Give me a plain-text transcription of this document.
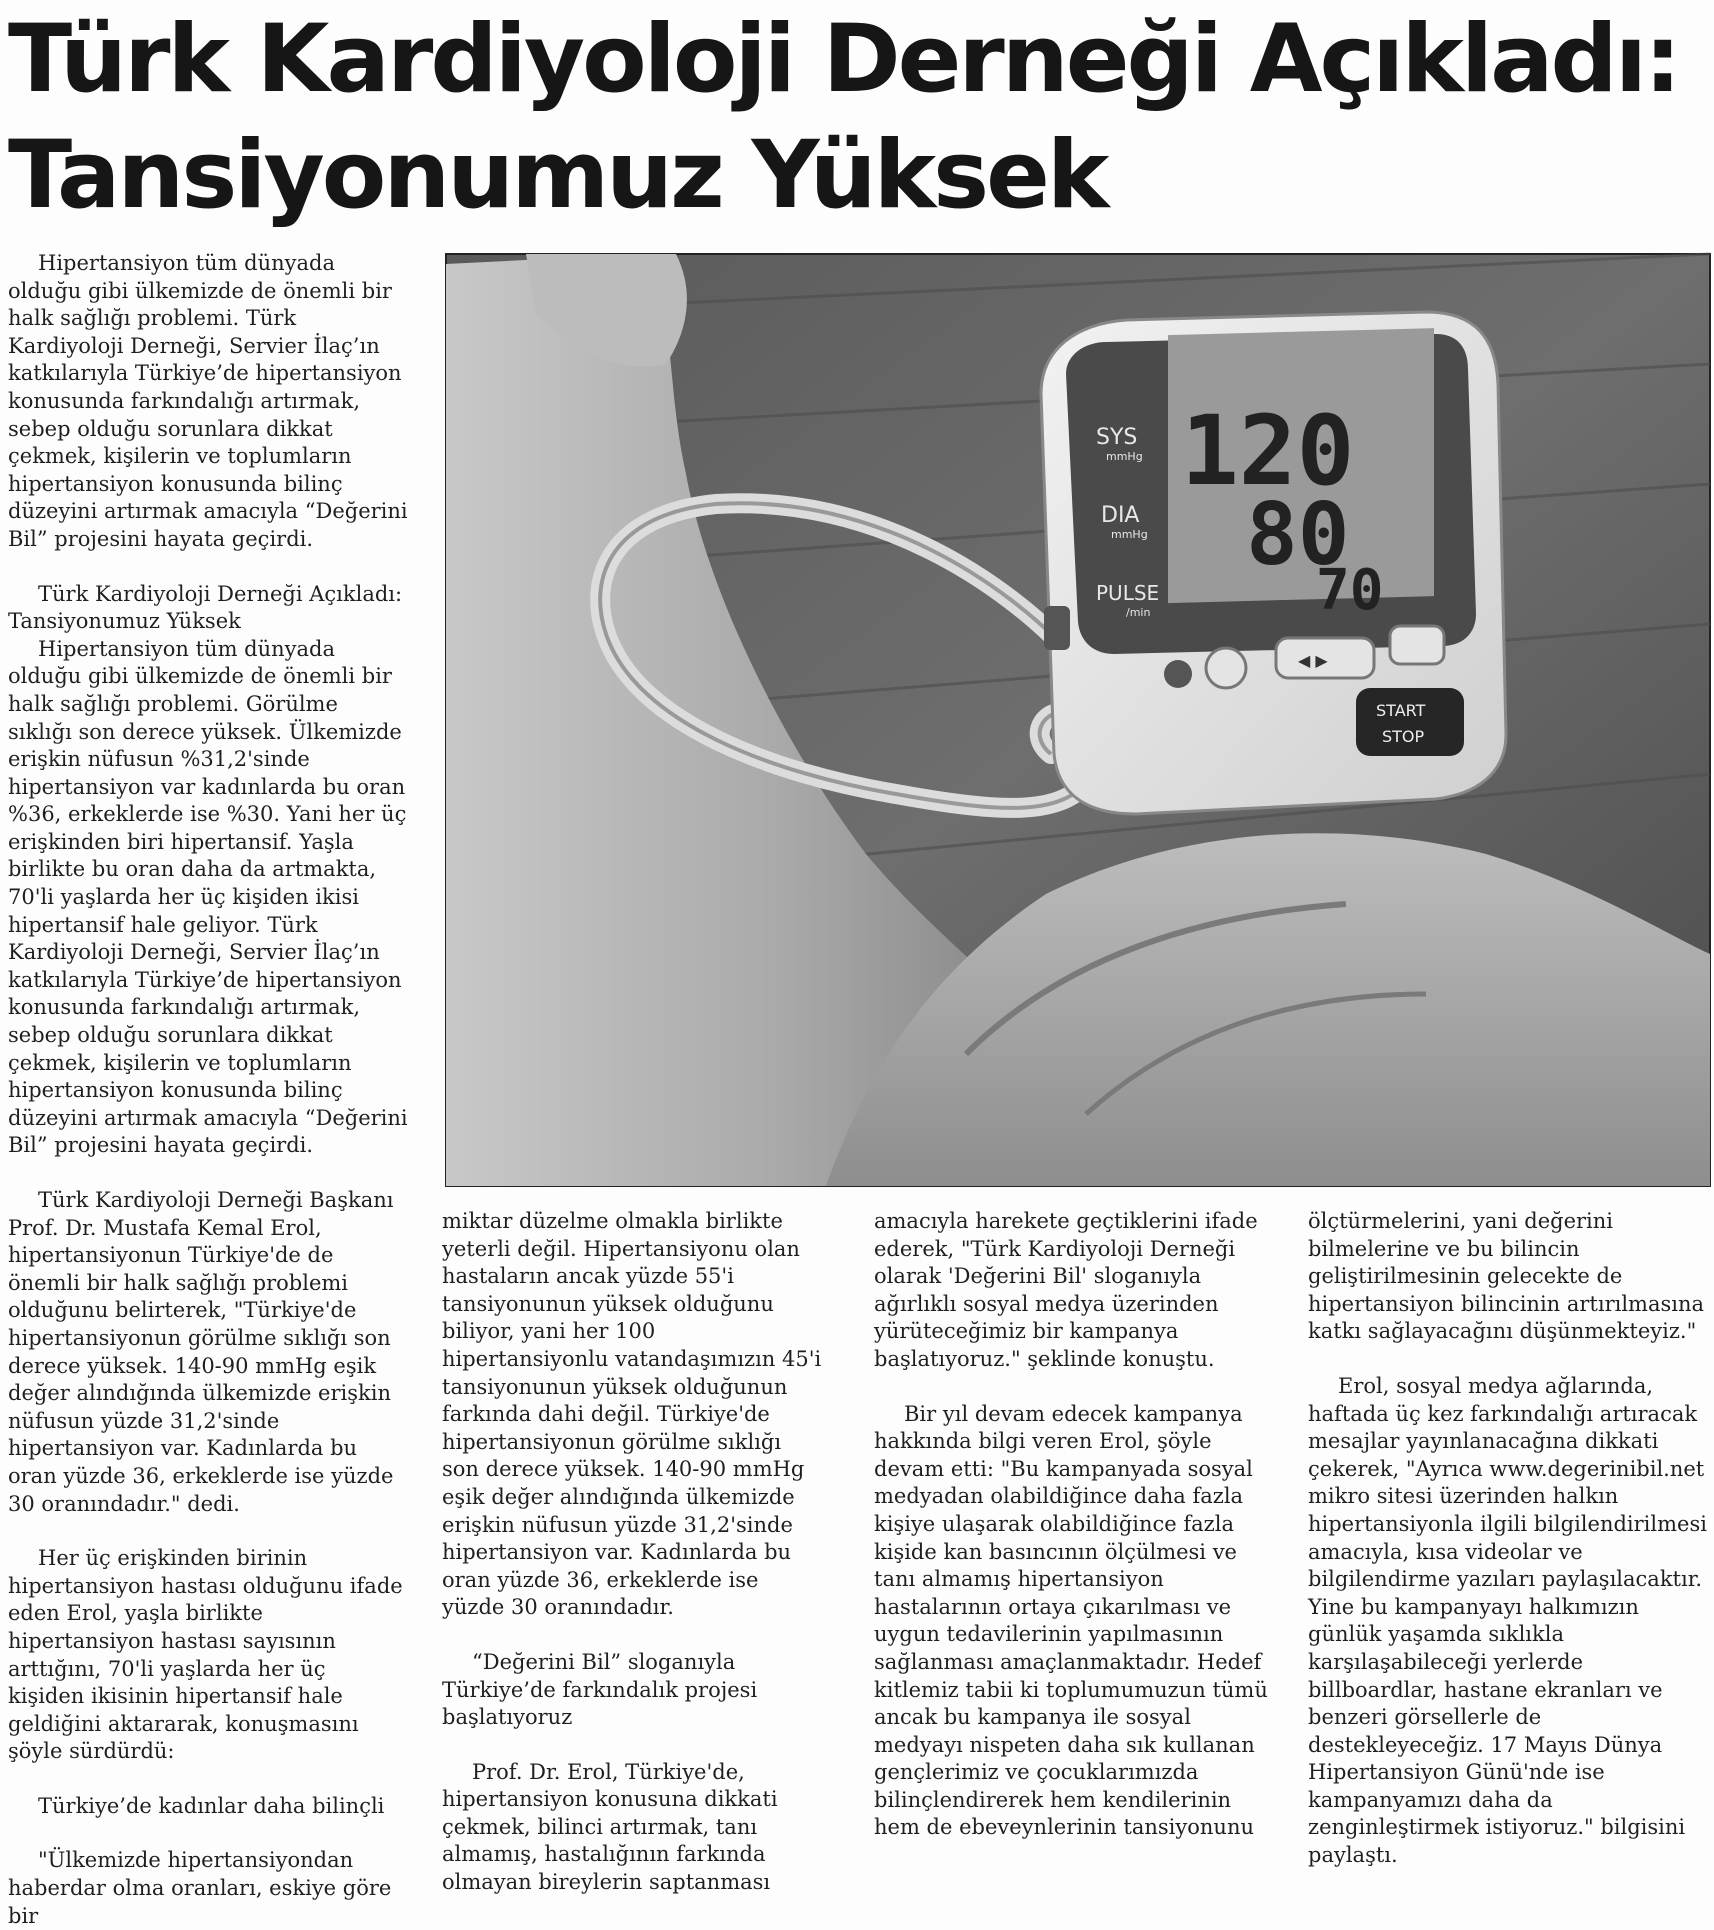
Türk Kardiyoloji Derneği Açıkladı:
Tansiyonumuz Yüksek

Hipertansiyon tüm dünyada olduğu gibi ülkemizde de önemli bir halk sağlığı problemi. Türk Kardiyoloji Derneği, Servier İlaç’ın katkılarıyla Türkiye’de hipertansiyon konusunda farkındalığı artırmak, sebep olduğu sorunlara dikkat çekmek, kişilerin ve toplumların hipertansiyon konusunda bilinç düzeyini artırmak amacıyla “Değerini Bil” projesini hayata geçirdi.

Türk Kardiyoloji Derneği Açıkladı: Tansiyonumuz Yüksek

Hipertansiyon tüm dünyada olduğu gibi ülkemizde de önemli bir halk sağlığı problemi. Görülme sıklığı son derece yüksek. Ülkemizde erişkin nüfusun %31,2'sinde hipertansiyon var kadınlarda bu oran %36, erkeklerde ise %30. Yani her üç erişkinden biri hipertansif. Yaşla birlikte bu oran daha da artmakta, 70'li yaşlarda her üç kişiden ikisi hipertansif hale geliyor. Türk Kardiyoloji Derneği, Servier İlaç’ın katkılarıyla Türkiye’de hipertansiyon konusunda farkındalığı artırmak, sebep olduğu sorunlara dikkat çekmek, kişilerin ve toplumların hipertansiyon konusunda bilinç düzeyini artırmak amacıyla “Değerini Bil” projesini hayata geçirdi.

Türk Kardiyoloji Derneği Başkanı Prof. Dr. Mustafa Kemal Erol, hipertansiyonun Türkiye'de de önemli bir halk sağlığı problemi olduğunu belirterek, "Türkiye'de hipertansiyonun görülme sıklığı son derece yüksek. 140-90 mmHg eşik değer alındığında ülkemizde erişkin nüfusun yüzde 31,2'sinde hipertansiyon var. Kadınlarda bu oran yüzde 36, erkeklerde ise yüzde 30 oranındadır." dedi.

Her üç erişkinden birinin hipertansiyon hastası olduğunu ifade eden Erol, yaşla birlikte hipertansiyon hastası sayısının arttığını, 70'li yaşlarda her üç kişiden ikisinin hipertansif hale geldiğini aktararak, konuşmasını şöyle sürdürdü:

Türkiye’de kadınlar daha bilinçli

"Ülkemizde hipertansiyondan haberdar olma oranları, eskiye göre bir

miktar düzelme olmakla birlikte yeterli değil. Hipertansiyonu olan hastaların ancak yüzde 55'i tansiyonunun yüksek olduğunu biliyor, yani her 100 hipertansiyonlu vatandaşımızın 45'i tansiyonunun yüksek olduğunun farkında dahi değil. Türkiye'de hipertansiyonun görülme sıklığı son derece yüksek. 140-90 mmHg eşik değer alındığında ülkemizde erişkin nüfusun yüzde 31,2'sinde hipertansiyon var. Kadınlarda bu oran yüzde 36, erkeklerde ise yüzde 30 oranındadır.

“Değerini Bil” sloganıyla Türkiye’de farkındalık projesi başlatıyoruz

Prof. Dr. Erol, Türkiye'de, hipertansiyon konusuna dikkati çekmek, bilinci artırmak, tanı almamış, hastalığının farkında olmayan bireylerin saptanması

amacıyla harekete geçtiklerini ifade ederek, "Türk Kardiyoloji Derneği olarak 'Değerini Bil' sloganıyla ağırlıklı sosyal medya üzerinden yürüteceğimiz bir kampanya başlatıyoruz." şeklinde konuştu.

Bir yıl devam edecek kampanya hakkında bilgi veren Erol, şöyle devam etti: "Bu kampanyada sosyal medyadan olabildiğince daha fazla kişiye ulaşarak olabildiğince fazla kişide kan basıncının ölçülmesi ve tanı almamış hipertansiyon hastalarının ortaya çıkarılması ve uygun tedavilerinin yapılmasının sağlanması amaçlanmaktadır. Hedef kitlemiz tabii ki toplumumuzun tümü ancak bu kampanya ile sosyal medyayı nispeten daha sık kullanan gençlerimiz ve çocuklarımızda bilinçlendirerek hem kendilerinin hem de ebeveynlerinin tansiyonunu

ölçtürmelerini, yani değerini bilmelerine ve bu bilincin geliştirilmesinin gelecekte de hipertansiyon bilincinin artırılmasına katkı sağlayacağını düşünmekteyiz."

Erol, sosyal medya ağlarında, haftada üç kez farkındalığı artıracak mesajlar yayınlanacağına dikkati çekerek, "Ayrıca www.degerinibil.net mikro sitesi üzerinden halkın hipertansiyonla ilgili bilgilendirilmesi amacıyla, kısa videolar ve bilgilendirme yazıları paylaşılacaktır. Yine bu kampanyayı halkımızın günlük yaşamda sıklıkla karşılaşabileceği yerlerde billboardlar, hastane ekranları ve benzeri görsellerle de destekleyeceğiz. 17 Mayıs Dünya Hipertansiyon Günü'nde ise kampanyamızı daha da zenginleştirmek istiyoruz." bilgisini paylaştı.

SYS
mmHg
DIA
mmHg
PULSE
/min
120
80
70
◀ ▶
START
STOP
